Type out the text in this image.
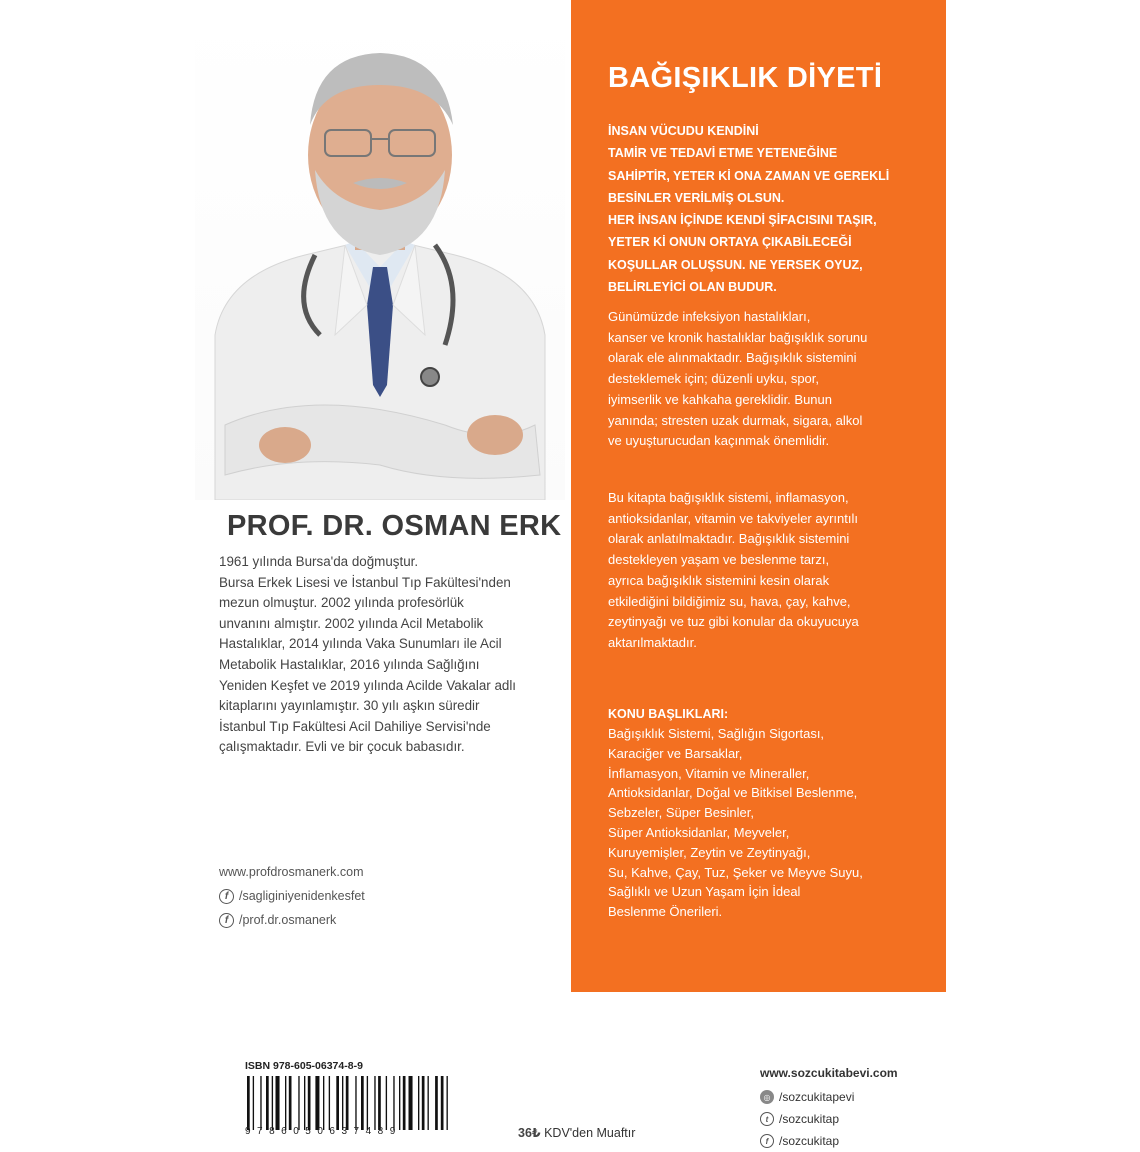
PROF. DR. OSMAN ERK
1961 yılında Bursa'da doğmuştur.
Bursa Erkek Lisesi ve İstanbul Tıp Fakültesi'nden
mezun olmuştur. 2002 yılında profesörlük
unvanını almıştır. 2002 yılında Acil Metabolik
Hastalıklar, 2014 yılında Vaka Sunumları ile Acil
Metabolik Hastalıklar, 2016 yılında Sağlığını
Yeniden Keşfet ve 2019 yılında Acilde Vakalar adlı
kitaplarını yayınlamıştır. 30 yılı aşkın süredir
İstanbul Tıp Fakültesi Acil Dahiliye Servisi'nde
çalışmaktadır. Evli ve bir çocuk babasıdır.
www.profdrosmanerk.com
f /sagliginiyenidenkesfet
f /prof.dr.osmanerk
ISBN 978-605-06374-8-9
9786050637489	36₺ KDV'den Muaftır
BAĞIŞIKLIK DİYETİ
İNSAN VÜCUDU KENDİNİ
TAMİR VE TEDAVİ ETME YETENEĞİNE
SAHİPTİR, YETER Kİ ONA ZAMAN VE GEREKLİ
BESİNLER VERİLMİŞ OLSUN.
HER İNSAN İÇİNDE KENDİ ŞİFACISINI TAŞIR,
YETER Kİ ONUN ORTAYA ÇIKABİLECEĞİ
KOŞULLAR OLUŞSUN. NE YERSEK OYUZ,
BELİRLEYİCİ OLAN BUDUR.
Günümüzde infeksiyon hastalıkları,
kanser ve kronik hastalıklar bağışıklık sorunu
olarak ele alınmaktadır. Bağışıklık sistemini
desteklemek için; düzenli uyku, spor,
iyimserlik ve kahkaha gereklidir. Bunun
yanında; stresten uzak durmak, sigara, alkol
ve uyuşturucudan kaçınmak önemlidir.
Bu kitapta bağışıklık sistemi, inflamasyon,
antioksidanlar, vitamin ve takviyeler ayrıntılı
olarak anlatılmaktadır. Bağışıklık sistemini
destekleyen yaşam ve beslenme tarzı,
ayrıca bağışıklık sistemini kesin olarak
etkilediğini bildiğimiz su, hava, çay, kahve,
zeytinyağı ve tuz gibi konular da okuyucuya
aktarılmaktadır.
KONU BAŞLIKLARI:
Bağışıklık Sistemi, Sağlığın Sigortası,
Karaciğer ve Barsaklar,
İnflamasyon, Vitamin ve Mineraller,
Antioksidanlar, Doğal ve Bitkisel Beslenme,
Sebzeler, Süper Besinler,
Süper Antioksidanlar, Meyveler,
Kuruyemişler, Zeytin ve Zeytinyağı,
Su, Kahve, Çay, Tuz, Şeker ve Meyve Suyu,
Sağlıklı ve Uzun Yaşam İçin İdeal
Beslenme Önerileri.
www.sozcukitabevi.com
◎ /sozcukitapevi
t /sozcukitap
f /sozcukitap
